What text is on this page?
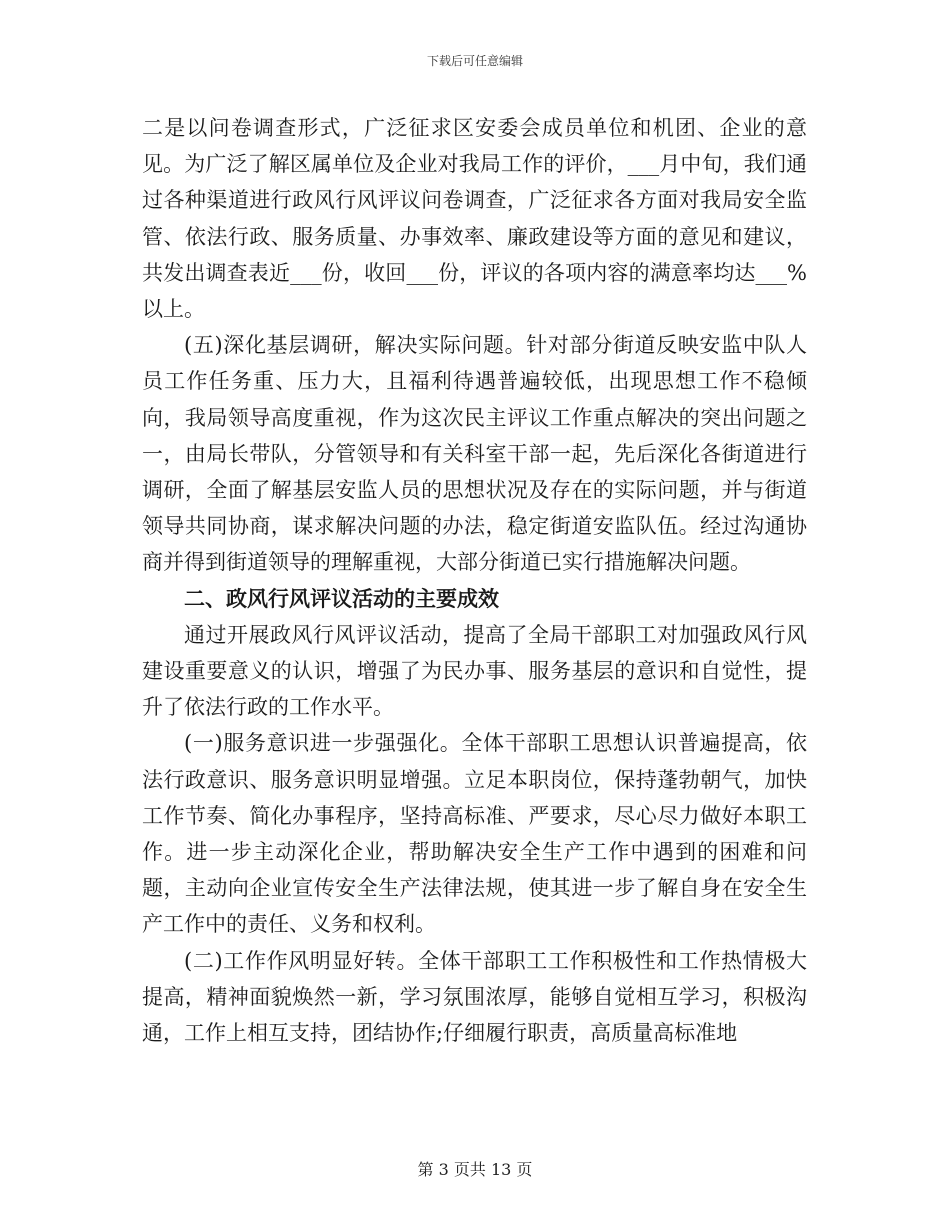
下载后可任意编辑

二是以问卷调查形式，广泛征求区安委会成员单位和机团、企业的意见。为广泛了解区属单位及企业对我局工作的评价，___月中旬，我们通过各种渠道进行政风行风评议问卷调查，广泛征求各方面对我局安全监管、依法行政、服务质量、办事效率、廉政建设等方面的意见和建议，共发出调查表近___份，收回___份，评议的各项内容的满意率均达___%以上。

(五)深化基层调研，解决实际问题。针对部分街道反映安监中队人员工作任务重、压力大，且福利待遇普遍较低，出现思想工作不稳倾向，我局领导高度重视，作为这次民主评议工作重点解决的突出问题之一，由局长带队，分管领导和有关科室干部一起，先后深化各街道进行调研，全面了解基层安监人员的思想状况及存在的实际问题，并与街道领导共同协商，谋求解决问题的办法，稳定街道安监队伍。经过沟通协商并得到街道领导的理解重视，大部分街道已实行措施解决问题。

二、政风行风评议活动的主要成效

通过开展政风行风评议活动，提高了全局干部职工对加强政风行风建设重要意义的认识，增强了为民办事、服务基层的意识和自觉性，提升了依法行政的工作水平。

(一)服务意识进一步强强化。全体干部职工思想认识普遍提高，依法行政意识、服务意识明显增强。立足本职岗位，保持蓬勃朝气，加快工作节奏、简化办事程序，坚持高标准、严要求，尽心尽力做好本职工作。进一步主动深化企业，帮助解决安全生产工作中遇到的困难和问题，主动向企业宣传安全生产法律法规，使其进一步了解自身在安全生产工作中的责任、义务和权利。

(二)工作作风明显好转。全体干部职工工作积极性和工作热情极大提高，精神面貌焕然一新，学习氛围浓厚，能够自觉相互学习，积极沟通，工作上相互支持，团结协作;仔细履行职责，高质量高标准地

第 3 页共 13 页
